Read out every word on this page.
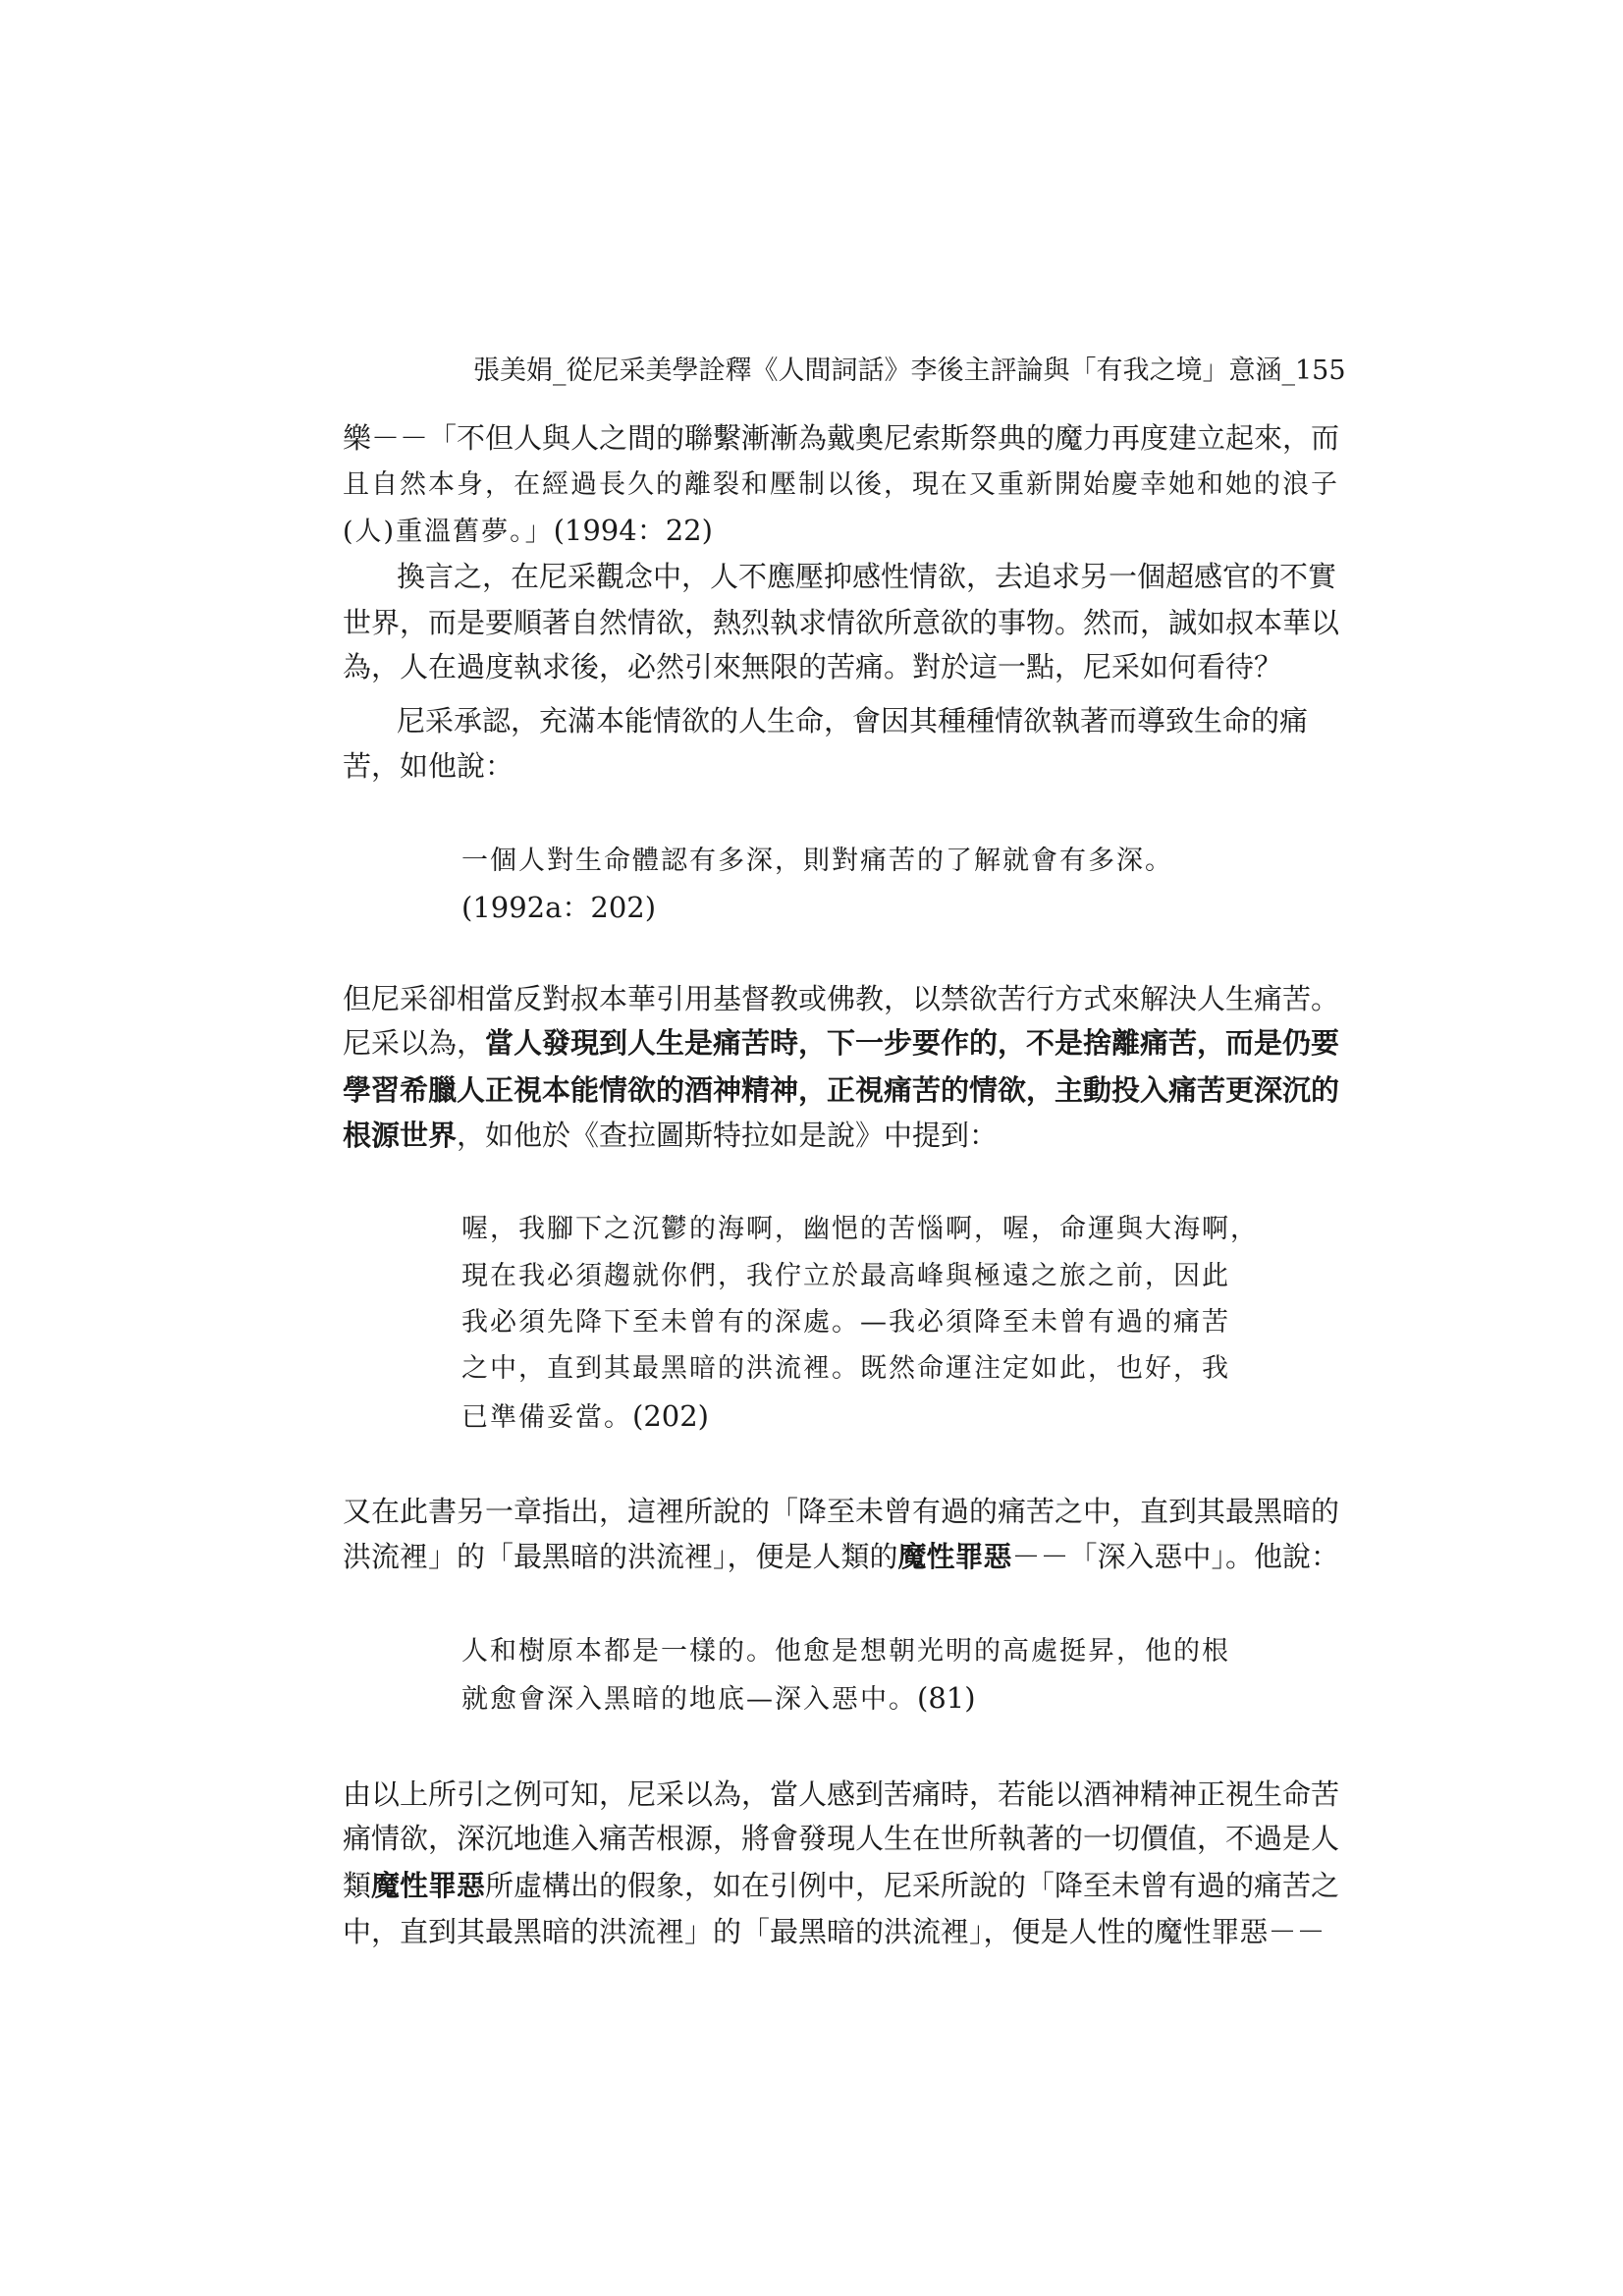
張美娟_從尼采美學詮釋《人間詞話》李後主評論與「有我之境」意涵_155
樂－－「不但人與人之間的聯繫漸漸為戴奧尼索斯祭典的魔力再度建立起來，而
且自然本身，在經過長久的離裂和壓制以後，現在又重新開始慶幸她和她的浪子
(人)重溫舊夢。」(1994：22)
換言之，在尼采觀念中，人不應壓抑感性情欲，去追求另一個超感官的不實
世界，而是要順著自然情欲，熱烈執求情欲所意欲的事物。然而，誠如叔本華以
為，人在過度執求後，必然引來無限的苦痛。對於這一點，尼采如何看待？
尼采承認，充滿本能情欲的人生命，會因其種種情欲執著而導致生命的痛
苦，如他說：
一個人對生命體認有多深，則對痛苦的了解就會有多深。
(1992a：202)
但尼采卻相當反對叔本華引用基督教或佛教，以禁欲苦行方式來解決人生痛苦。
尼采以為，當人發現到人生是痛苦時，下一步要作的，不是捨離痛苦，而是仍要
學習希臘人正視本能情欲的酒神精神，正視痛苦的情欲，主動投入痛苦更深沉的
根源世界，如他於《查拉圖斯特拉如是說》中提到：
喔，我腳下之沉鬱的海啊，幽悒的苦惱啊，喔，命運與大海啊，
現在我必須趨就你們，我佇立於最高峰與極遠之旅之前，因此
我必須先降下至未曾有的深處。—我必須降至未曾有過的痛苦
之中，直到其最黑暗的洪流裡。既然命運注定如此，也好，我
已準備妥當。(202)
又在此書另一章指出，這裡所說的「降至未曾有過的痛苦之中，直到其最黑暗的
洪流裡」的「最黑暗的洪流裡」，便是人類的魔性罪惡－－「深入惡中」。他說：
人和樹原本都是一樣的。他愈是想朝光明的高處挺昇，他的根
就愈會深入黑暗的地底—深入惡中。(81)
由以上所引之例可知，尼采以為，當人感到苦痛時，若能以酒神精神正視生命苦
痛情欲，深沉地進入痛苦根源，將會發現人生在世所執著的一切價值，不過是人
類魔性罪惡所虛構出的假象，如在引例中，尼采所說的「降至未曾有過的痛苦之
中，直到其最黑暗的洪流裡」的「最黑暗的洪流裡」，便是人性的魔性罪惡－－
